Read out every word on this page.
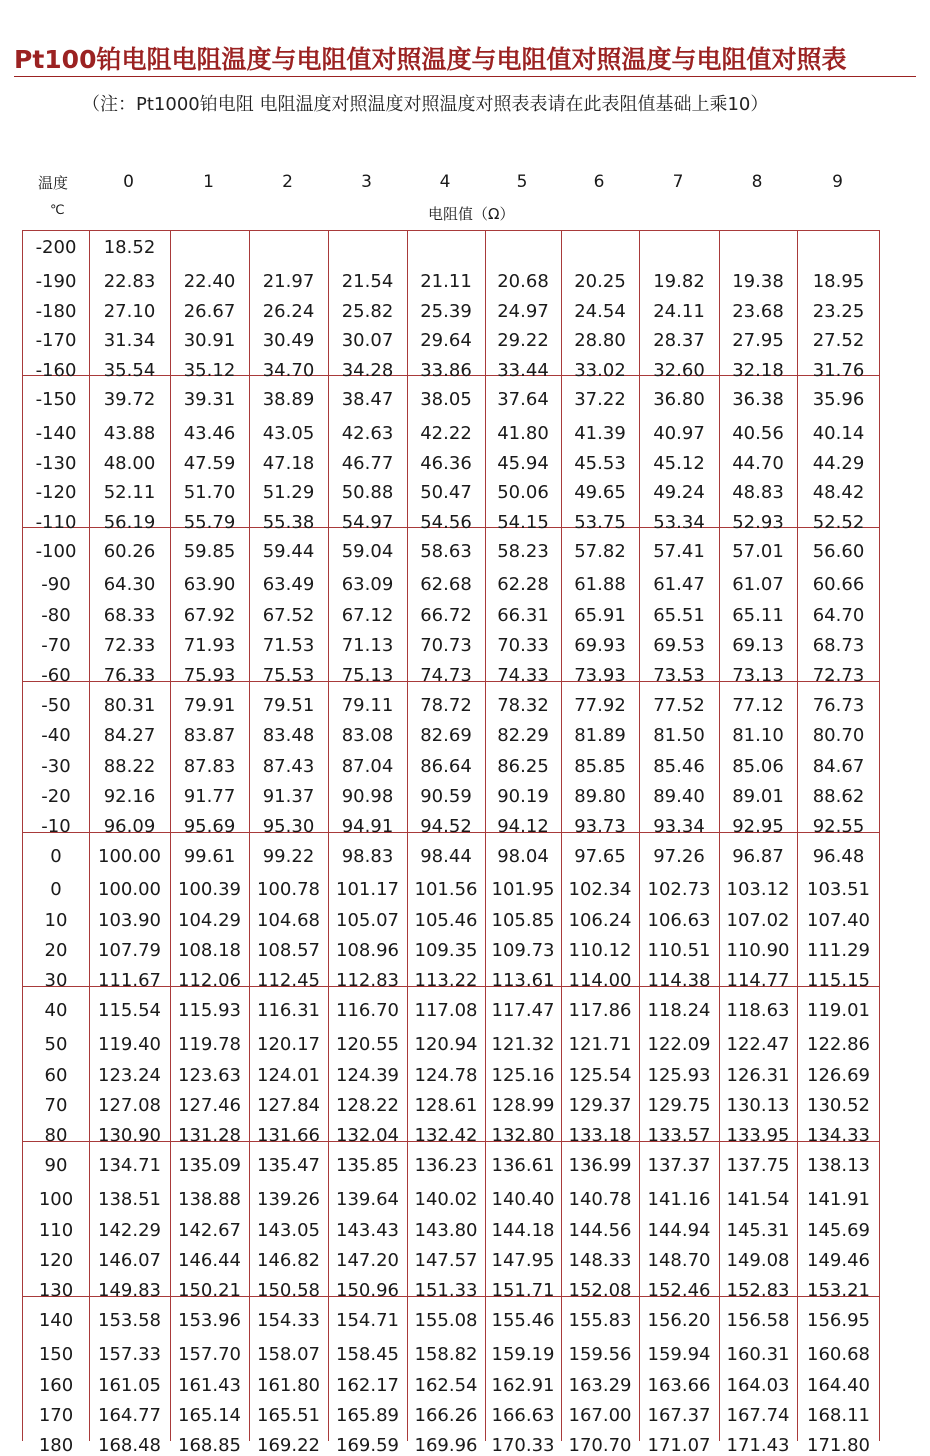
Pt100铂电阻电阻温度与电阻值对照温度与电阻值对照温度与电阻值对照表
（注：Pt1000铂电阻 电阻温度对照温度对照温度对照表表请在此表阻值基础上乘10）
温度
℃	电阻值（Ω）
0	1	2	3	4	5	6	7	8	9
-200	18.52
-190	22.83	22.40	21.97	21.54	21.11	20.68	20.25	19.82	19.38	18.95
-180	27.10	26.67	26.24	25.82	25.39	24.97	24.54	24.11	23.68	23.25
-170	31.34	30.91	30.49	30.07	29.64	29.22	28.80	28.37	27.95	27.52
-160	35.54	35.12	34.70	34.28	33.86	33.44	33.02	32.60	32.18	31.76
-150	39.72	39.31	38.89	38.47	38.05	37.64	37.22	36.80	36.38	35.96
-140	43.88	43.46	43.05	42.63	42.22	41.80	41.39	40.97	40.56	40.14
-130	48.00	47.59	47.18	46.77	46.36	45.94	45.53	45.12	44.70	44.29
-120	52.11	51.70	51.29	50.88	50.47	50.06	49.65	49.24	48.83	48.42
-110	56.19	55.79	55.38	54.97	54.56	54.15	53.75	53.34	52.93	52.52
-100	60.26	59.85	59.44	59.04	58.63	58.23	57.82	57.41	57.01	56.60
-90	64.30	63.90	63.49	63.09	62.68	62.28	61.88	61.47	61.07	60.66
-80	68.33	67.92	67.52	67.12	66.72	66.31	65.91	65.51	65.11	64.70
-70	72.33	71.93	71.53	71.13	70.73	70.33	69.93	69.53	69.13	68.73
-60	76.33	75.93	75.53	75.13	74.73	74.33	73.93	73.53	73.13	72.73
-50	80.31	79.91	79.51	79.11	78.72	78.32	77.92	77.52	77.12	76.73
-40	84.27	83.87	83.48	83.08	82.69	82.29	81.89	81.50	81.10	80.70
-30	88.22	87.83	87.43	87.04	86.64	86.25	85.85	85.46	85.06	84.67
-20	92.16	91.77	91.37	90.98	90.59	90.19	89.80	89.40	89.01	88.62
-10	96.09	95.69	95.30	94.91	94.52	94.12	93.73	93.34	92.95	92.55
0	100.00	99.61	99.22	98.83	98.44	98.04	97.65	97.26	96.87	96.48
0	100.00 100.39 100.78 101.17 101.56 101.95 102.34 102.73 103.12 103.51
10	103.90 104.29 104.68 105.07 105.46 105.85 106.24 106.63 107.02 107.40
20	107.79 108.18 108.57 108.96 109.35 109.73 110.12 110.51 110.90 111.29
30	111.67 112.06 112.45 112.83 113.22 113.61 114.00 114.38 114.77 115.15
40	115.54 115.93 116.31 116.70 117.08 117.47 117.86 118.24 118.63 119.01
50	119.40 119.78 120.17 120.55 120.94 121.32 121.71 122.09 122.47 122.86
60	123.24 123.63 124.01 124.39 124.78 125.16 125.54 125.93 126.31 126.69
70	127.08 127.46 127.84 128.22 128.61 128.99 129.37 129.75 130.13 130.52
80	130.90 131.28 131.66 132.04 132.42 132.80 133.18 133.57 133.95 134.33
90	134.71 135.09 135.47 135.85 136.23 136.61 136.99 137.37 137.75 138.13
100	138.51 138.88 139.26 139.64 140.02 140.40 140.78 141.16 141.54 141.91
110	142.29 142.67 143.05 143.43 143.80 144.18 144.56 144.94 145.31 145.69
120	146.07 146.44 146.82 147.20 147.57 147.95 148.33 148.70 149.08 149.46
130	149.83 150.21 150.58 150.96 151.33 151.71 152.08 152.46 152.83 153.21
140	153.58 153.96 154.33 154.71 155.08 155.46 155.83 156.20 156.58 156.95
150	157.33 157.70 158.07 158.45 158.82 159.19 159.56 159.94 160.31 160.68
160	161.05 161.43 161.80 162.17 162.54 162.91 163.29 163.66 164.03 164.40
170	164.77 165.14 165.51 165.89 166.26 166.63 167.00 167.37 167.74 168.11
180	168.48 168.85 169.22 169.59 169.96 170.33 170.70 171.07 171.43 171.80
